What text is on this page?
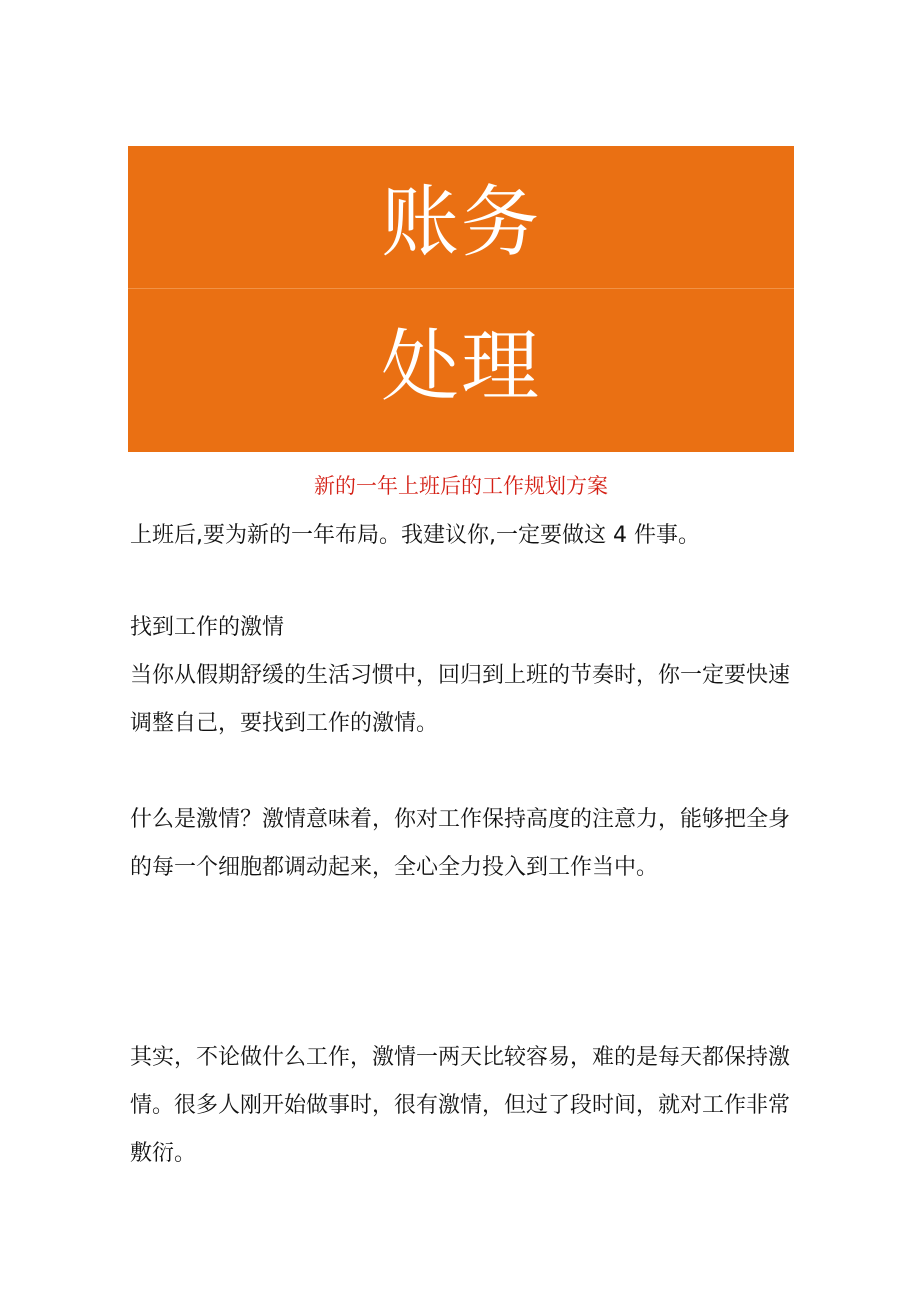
账务
处理
新的一年上班后的工作规划方案

上班后,要为新的一年布局。我建议你,一定要做这 4 件事。

找到工作的激情

当你从假期舒缓的生活习惯中，回归到上班的节奏时，你一定要快速调整自己，要找到工作的激情。

什么是激情？激情意味着，你对工作保持高度的注意力，能够把全身的每一个细胞都调动起来，全心全力投入到工作当中。

其实，不论做什么工作，激情一两天比较容易，难的是每天都保持激情。很多人刚开始做事时，很有激情，但过了段时间，就对工作非常敷衍。
